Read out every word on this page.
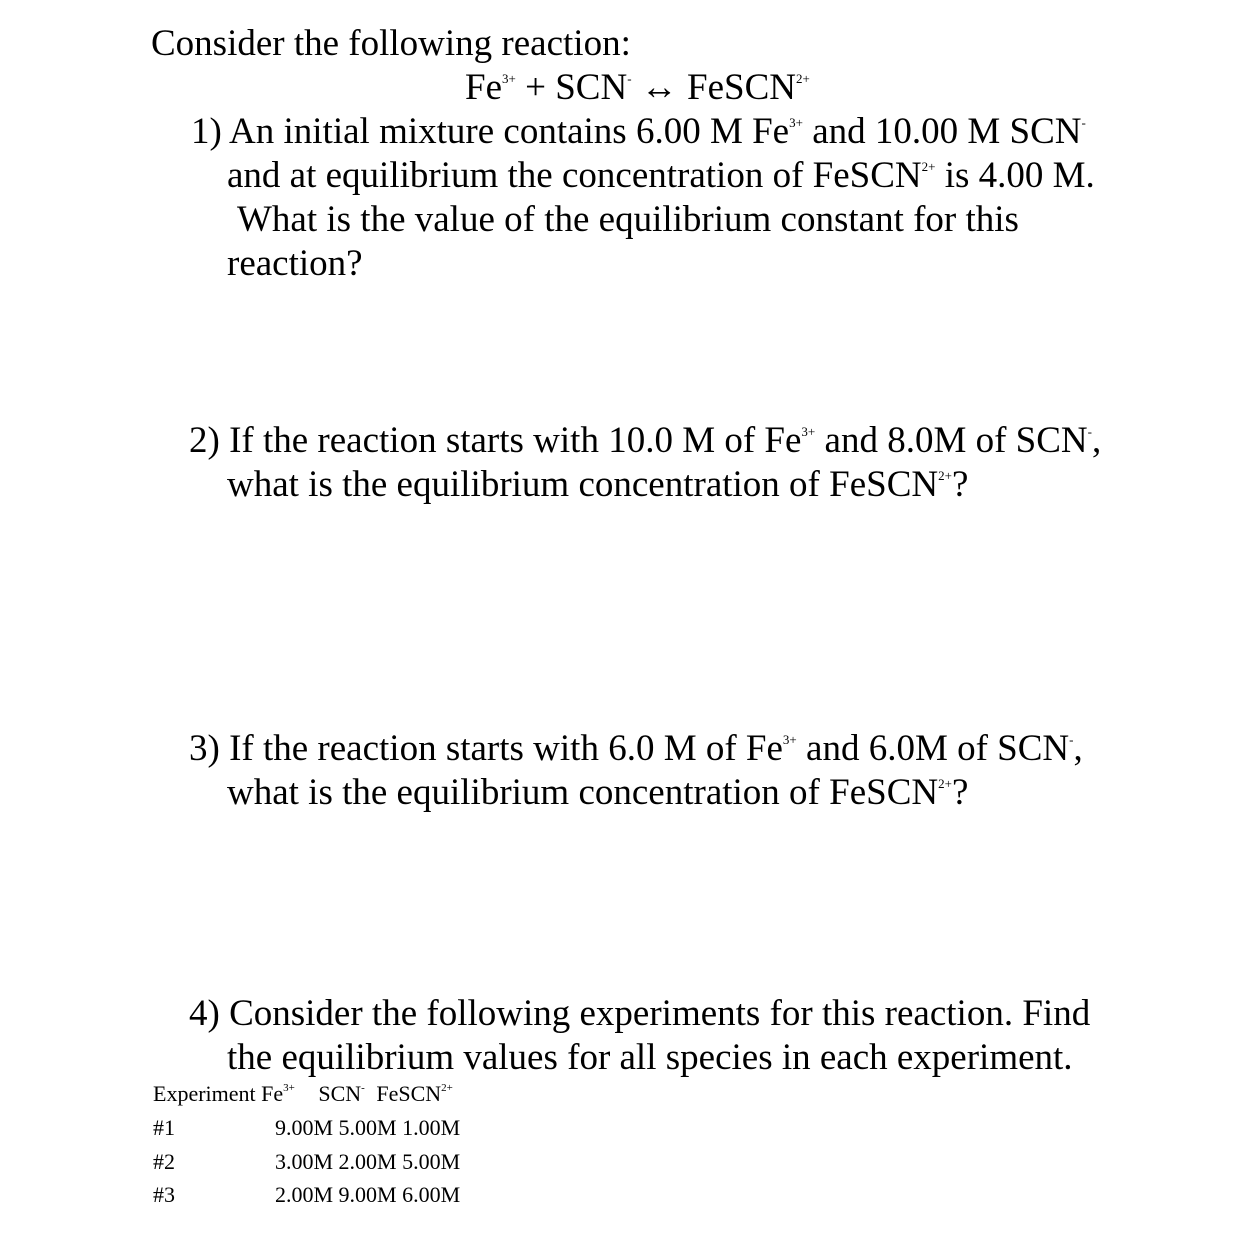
Consider the following reaction:
$Fe^{3+} + SCN^-$ ↔ FeSCN$^{2+}$
1) An initial mixture contains 6.00 M $Fe^{3+}$ and 10.00 M SCN-
and at equilibrium the concentration of FeSCN$^{2+}$ is 4.00 M.
What is the value of the equilibrium constant for this
reaction?
2) If the reaction starts with 10.0 M of $Fe^{3+}$ and 8.0M of SCN-,
what is the equilibrium concentration of FeSCN$^{2+}$?
3) If the reaction starts with 6.0 M of $Fe^{3+}$ and 6.0M of SCN-,
what is the equilibrium concentration of FeSCN$^{2+}$?
4) Consider the following experiments for this reaction. Find
the equilibrium values for all species in each experiment.
Experiment $Fe^{3+}$ SCN- FeSCN$^{2+}$
#1	9.00M 5.00M 1.00M
#2	3.00M 2.00M 5.00M
#3	2.00M 9.00M 6.00M
